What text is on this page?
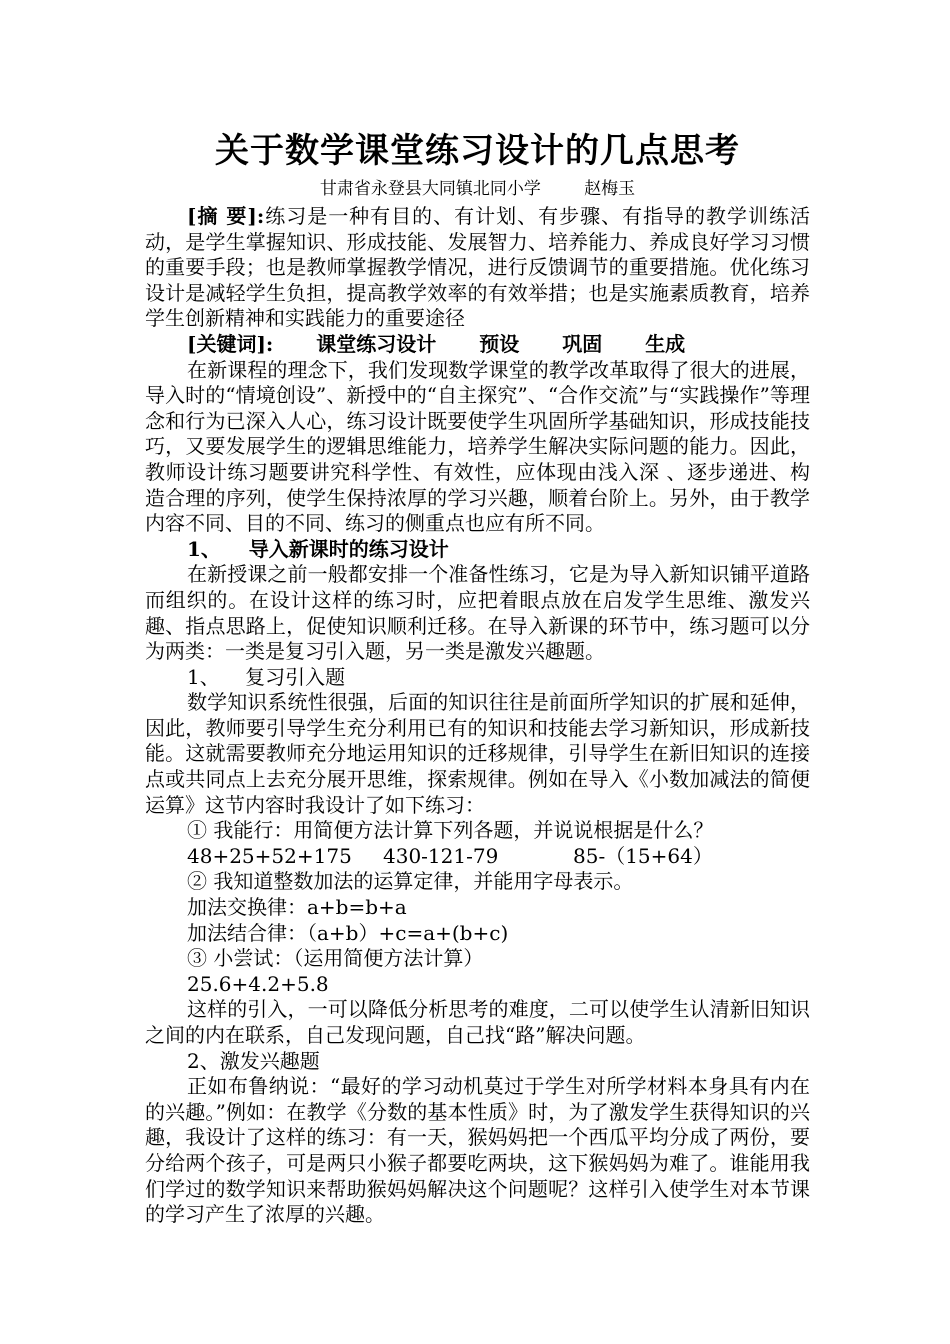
关于数学课堂练习设计的几点思考
甘肃省永登县大同镇北同小学        赵梅玉

[摘 要]:练习是一种有目的、有计划、有步骤、有指导的教学训练活动，是学生掌握知识、形成技能、发展智力、培养能力、养成良好学习习惯的重要手段；也是教师掌握教学情况，进行反馈调节的重要措施。优化练习设计是减轻学生负担，提高教学效率的有效举措；也是实施素质教育，培养学生创新精神和实践能力的重要途径

[关键词]: 课堂练习设计 预设 巩固 生成

在新课程的理念下，我们发现数学课堂的教学改革取得了很大的进展，导入时的“情境创设”、新授中的“自主探究”、“合作交流”与“实践操作”等理念和行为已深入人心，练习设计既要使学生巩固所学基础知识，形成技能技巧，又要发展学生的逻辑思维能力，培养学生解决实际问题的能力。因此，教师设计练习题要讲究科学性、有效性，应体现由浅入深 、逐步递进、构造合理的序列，使学生保持浓厚的学习兴趣，顺着台阶上。另外，由于教学内容不同、目的不同、练习的侧重点也应有所不同。

1、    导入新课时的练习设计

在新授课之前一般都安排一个准备性练习，它是为导入新知识铺平道路而组织的。在设计这样的练习时，应把着眼点放在启发学生思维、激发兴趣、指点思路上，促使知识顺利迁移。在导入新课的环节中，练习题可以分为两类：一类是复习引入题，另一类是激发兴趣题。

1、    复习引入题

数学知识系统性很强，后面的知识往往是前面所学知识的扩展和延伸，因此，教师要引导学生充分利用已有的知识和技能去学习新知识，形成新技能。这就需要教师充分地运用知识的迁移规律，引导学生在新旧知识的连接点或共同点上去充分展开思维，探索规律。例如在导入《小数加减法的简便运算》这节内容时我设计了如下练习：

① 我能行：用简便方法计算下列各题，并说说根据是什么？
48+25+52+175 430-121-79	85-（15+64）
② 我知道整数加法的运算定律，并能用字母表示。
加法交换律：a+b=b+a
加法结合律：（a+b）+c=a+(b+c)
③ 小尝试：（运用简便方法计算）
25.6+4.2+5.8

这样的引入，一可以降低分析思考的难度，二可以使学生认清新旧知识之间的内在联系，自己发现问题，自己找“路”解决问题。

2、激发兴趣题

正如布鲁纳说：“最好的学习动机莫过于学生对所学材料本身具有内在的兴趣。”例如：在教学《分数的基本性质》时，为了激发学生获得知识的兴趣，我设计了这样的练习：有一天，猴妈妈把一个西瓜平均分成了两份，要分给两个孩子，可是两只小猴子都要吃两块，这下猴妈妈为难了。谁能用我们学过的数学知识来帮助猴妈妈解决这个问题呢？这样引入使学生对本节课的学习产生了浓厚的兴趣。
